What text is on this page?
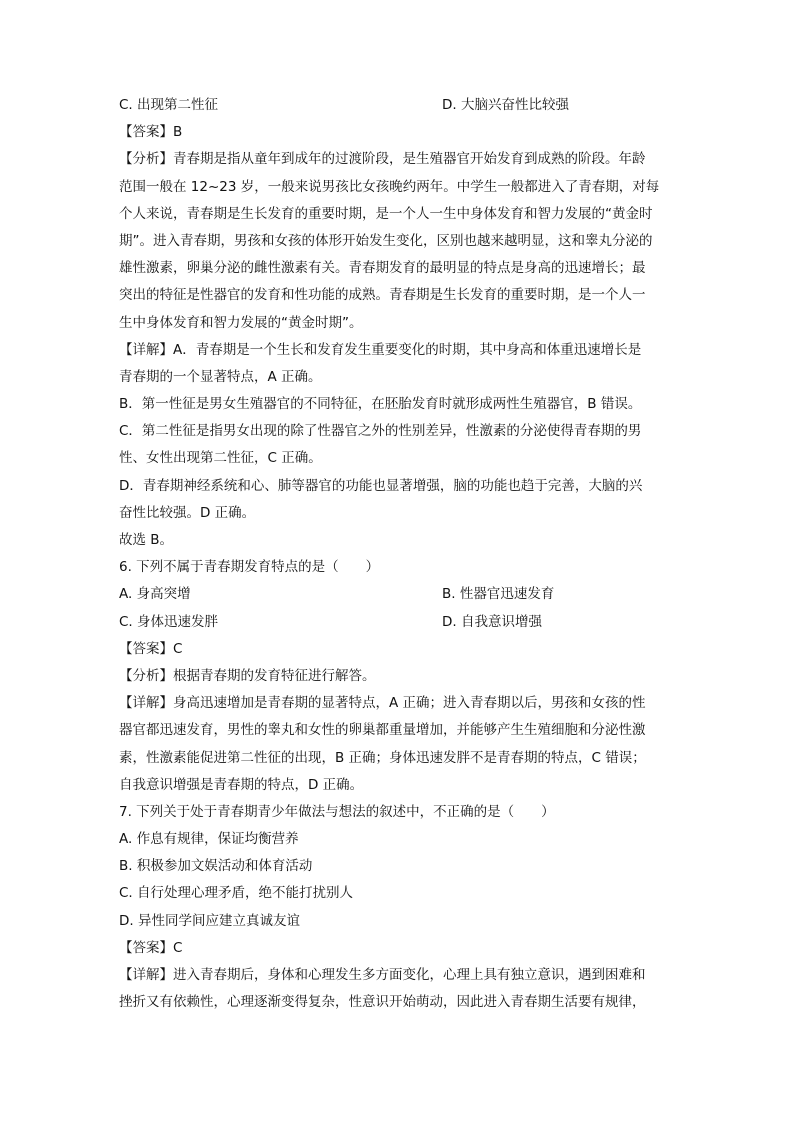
C. 出现第二性征	D. 大脑兴奋性比较强
【答案】B
【分析】青春期是指从童年到成年的过渡阶段，是生殖器官开始发育到成熟的阶段。年龄
范围一般在 12~23 岁，一般来说男孩比女孩晚约两年。中学生一般都进入了青春期，对每
个人来说，青春期是生长发育的重要时期，是一个人一生中身体发育和智力发展的“黄金时
期”。进入青春期，男孩和女孩的体形开始发生变化，区别也越来越明显，这和睾丸分泌的
雄性激素，卵巢分泌的雌性激素有关。青春期发育的最明显的特点是身高的迅速增长；最
突出的特征是性器官的发育和性功能的成熟。青春期是生长发育的重要时期，是一个人一
生中身体发育和智力发展的“黄金时期”。
【详解】A．青春期是一个生长和发育发生重要变化的时期，其中身高和体重迅速增长是
青春期的一个显著特点，A 正确。
B．第一性征是男女生殖器官的不同特征，在胚胎发育时就形成两性生殖器官，B 错误。
C．第二性征是指男女出现的除了性器官之外的性别差异，性激素的分泌使得青春期的男
性、女性出现第二性征，C 正确。
D．青春期神经系统和心、肺等器官的功能也显著增强，脑的功能也趋于完善，大脑的兴
奋性比较强。D 正确。
故选 B。
6. 下列不属于青春期发育特点的是（　　）
A. 身高突增	B. 性器官迅速发育
C. 身体迅速发胖	D. 自我意识增强
【答案】C
【分析】根据青春期的发育特征进行解答。
【详解】身高迅速增加是青春期的显著特点，A 正确；进入青春期以后，男孩和女孩的性
器官都迅速发育，男性的睾丸和女性的卵巢都重量增加，并能够产生生殖细胞和分泌性激
素，性激素能促进第二性征的出现，B 正确；身体迅速发胖不是青春期的特点，C 错误；
自我意识增强是青春期的特点，D 正确。
7. 下列关于处于青春期青少年做法与想法的叙述中，不正确的是（　　）
A. 作息有规律，保证均衡营养
B. 积极参加文娱活动和体育活动
C. 自行处理心理矛盾，绝不能打扰别人
D. 异性同学间应建立真诚友谊
【答案】C
【详解】进入青春期后，身体和心理发生多方面变化，心理上具有独立意识，遇到困难和
挫折又有依赖性，心理逐渐变得复杂，性意识开始萌动，因此进入青春期生活要有规律，
